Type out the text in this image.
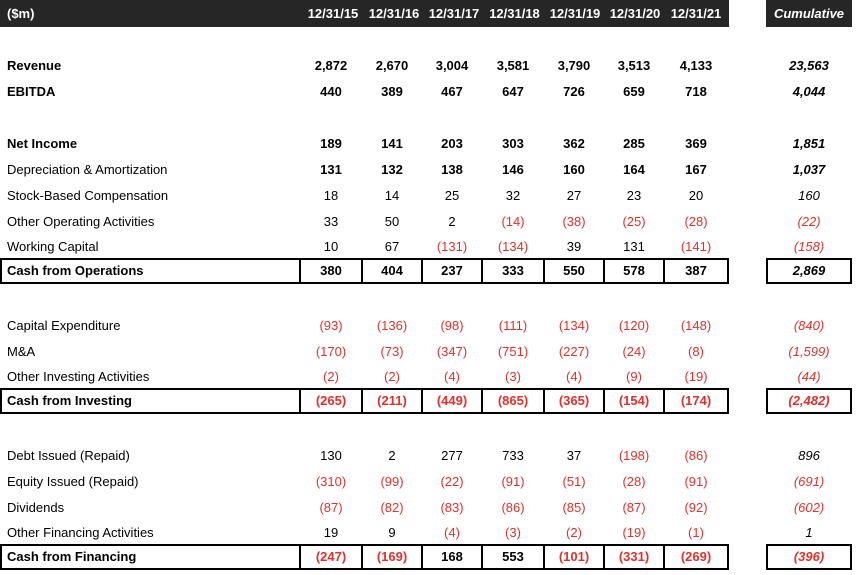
($m)	12/31/15 12/31/16 12/31/17 12/31/18 12/31/19 12/31/20 12/31/21	Cumulative
Revenue	2,872	2,670	3,004	3,581	3,790	3,513	4,133	23,563
EBITDA	440	389	467	647	726	659	718	4,044
Net Income	189	141	203	303	362	285	369	1,851
Depreciation & Amortization	131	132	138	146	160	164	167	1,037
Stock-Based Compensation	18	14	25	32	27	23	20	160
Other Operating Activities	33	50	2	(14)	(38)	(25)	(28)	(22)
Working Capital	10	67	(131)	(134)	39	131	(141)	(158)
Cash from Operations	380	404	237	333	550	578	387	2,869
Capital Expenditure	(93)	(136)	(98)	(111)	(134)	(120)	(148)	(840)
M&A	(170)	(73)	(347)	(751)	(227)	(24)	(8)	(1,599)
Other Investing Activities	(2)	(2)	(4)	(3)	(4)	(9)	(19)	(44)
Cash from Investing	(265)	(211)	(449)	(865)	(365)	(154)	(174)	(2,482)
Debt Issued (Repaid)	130	2	277	733	37	(198)	(86)	896
Equity Issued (Repaid)	(310)	(99)	(22)	(91)	(51)	(28)	(91)	(691)
Dividends	(87)	(82)	(83)	(86)	(85)	(87)	(92)	(602)
Other Financing Activities	19	9	(4)	(3)	(2)	(19)	(1)	1
Cash from Financing	(247)	(169)	168	553	(101)	(331)	(269)	(396)
